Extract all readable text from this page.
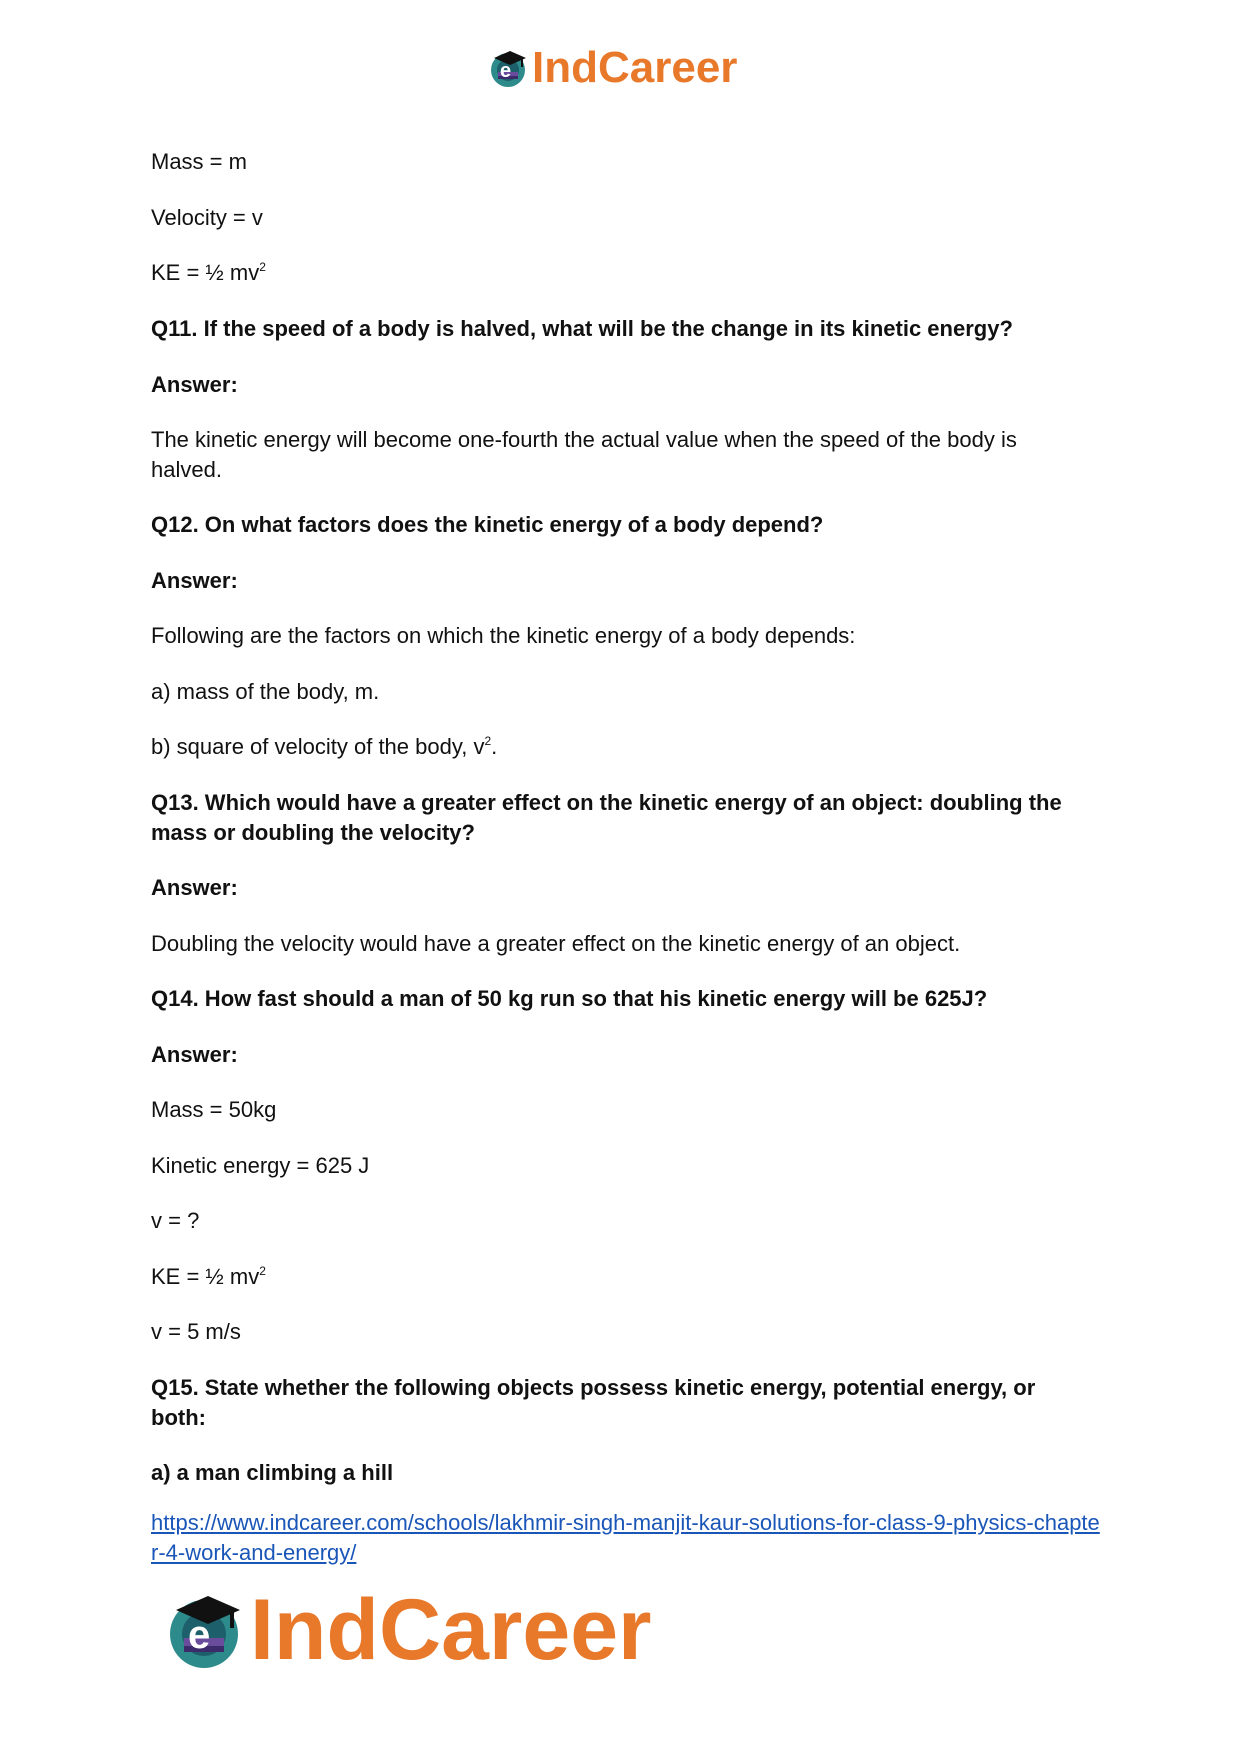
e IndCareer

Mass = m

Velocity = v

KE = ½ $mv^2$

Q11. If the speed of a body is halved, what will be the change in its kinetic energy?

Answer:

The kinetic energy will become one-fourth the actual value when the speed of the body is halved.

Q12. On what factors does the kinetic energy of a body depend?

Answer:

Following are the factors on which the kinetic energy of a body depends:

a) mass of the body, m.

b) square of velocity of the body, $v^2$.

Q13. Which would have a greater effect on the kinetic energy of an object: doubling the mass or doubling the velocity?

Answer:

Doubling the velocity would have a greater effect on the kinetic energy of an object.

Q14. How fast should a man of 50 kg run so that his kinetic energy will be 625J?

Answer:

Mass = 50kg

Kinetic energy = 625 J

v = ?

KE = ½ $mv^2$

v = 5 m/s

Q15. State whether the following objects possess kinetic energy, potential energy, or both:

a) a man climbing a hill

https://www.indcareer.com/schools/lakhmir-singh-manjit-kaur-solutions-for-class-9-physics-chapter-4-work-and-energy/
e IndCareer
